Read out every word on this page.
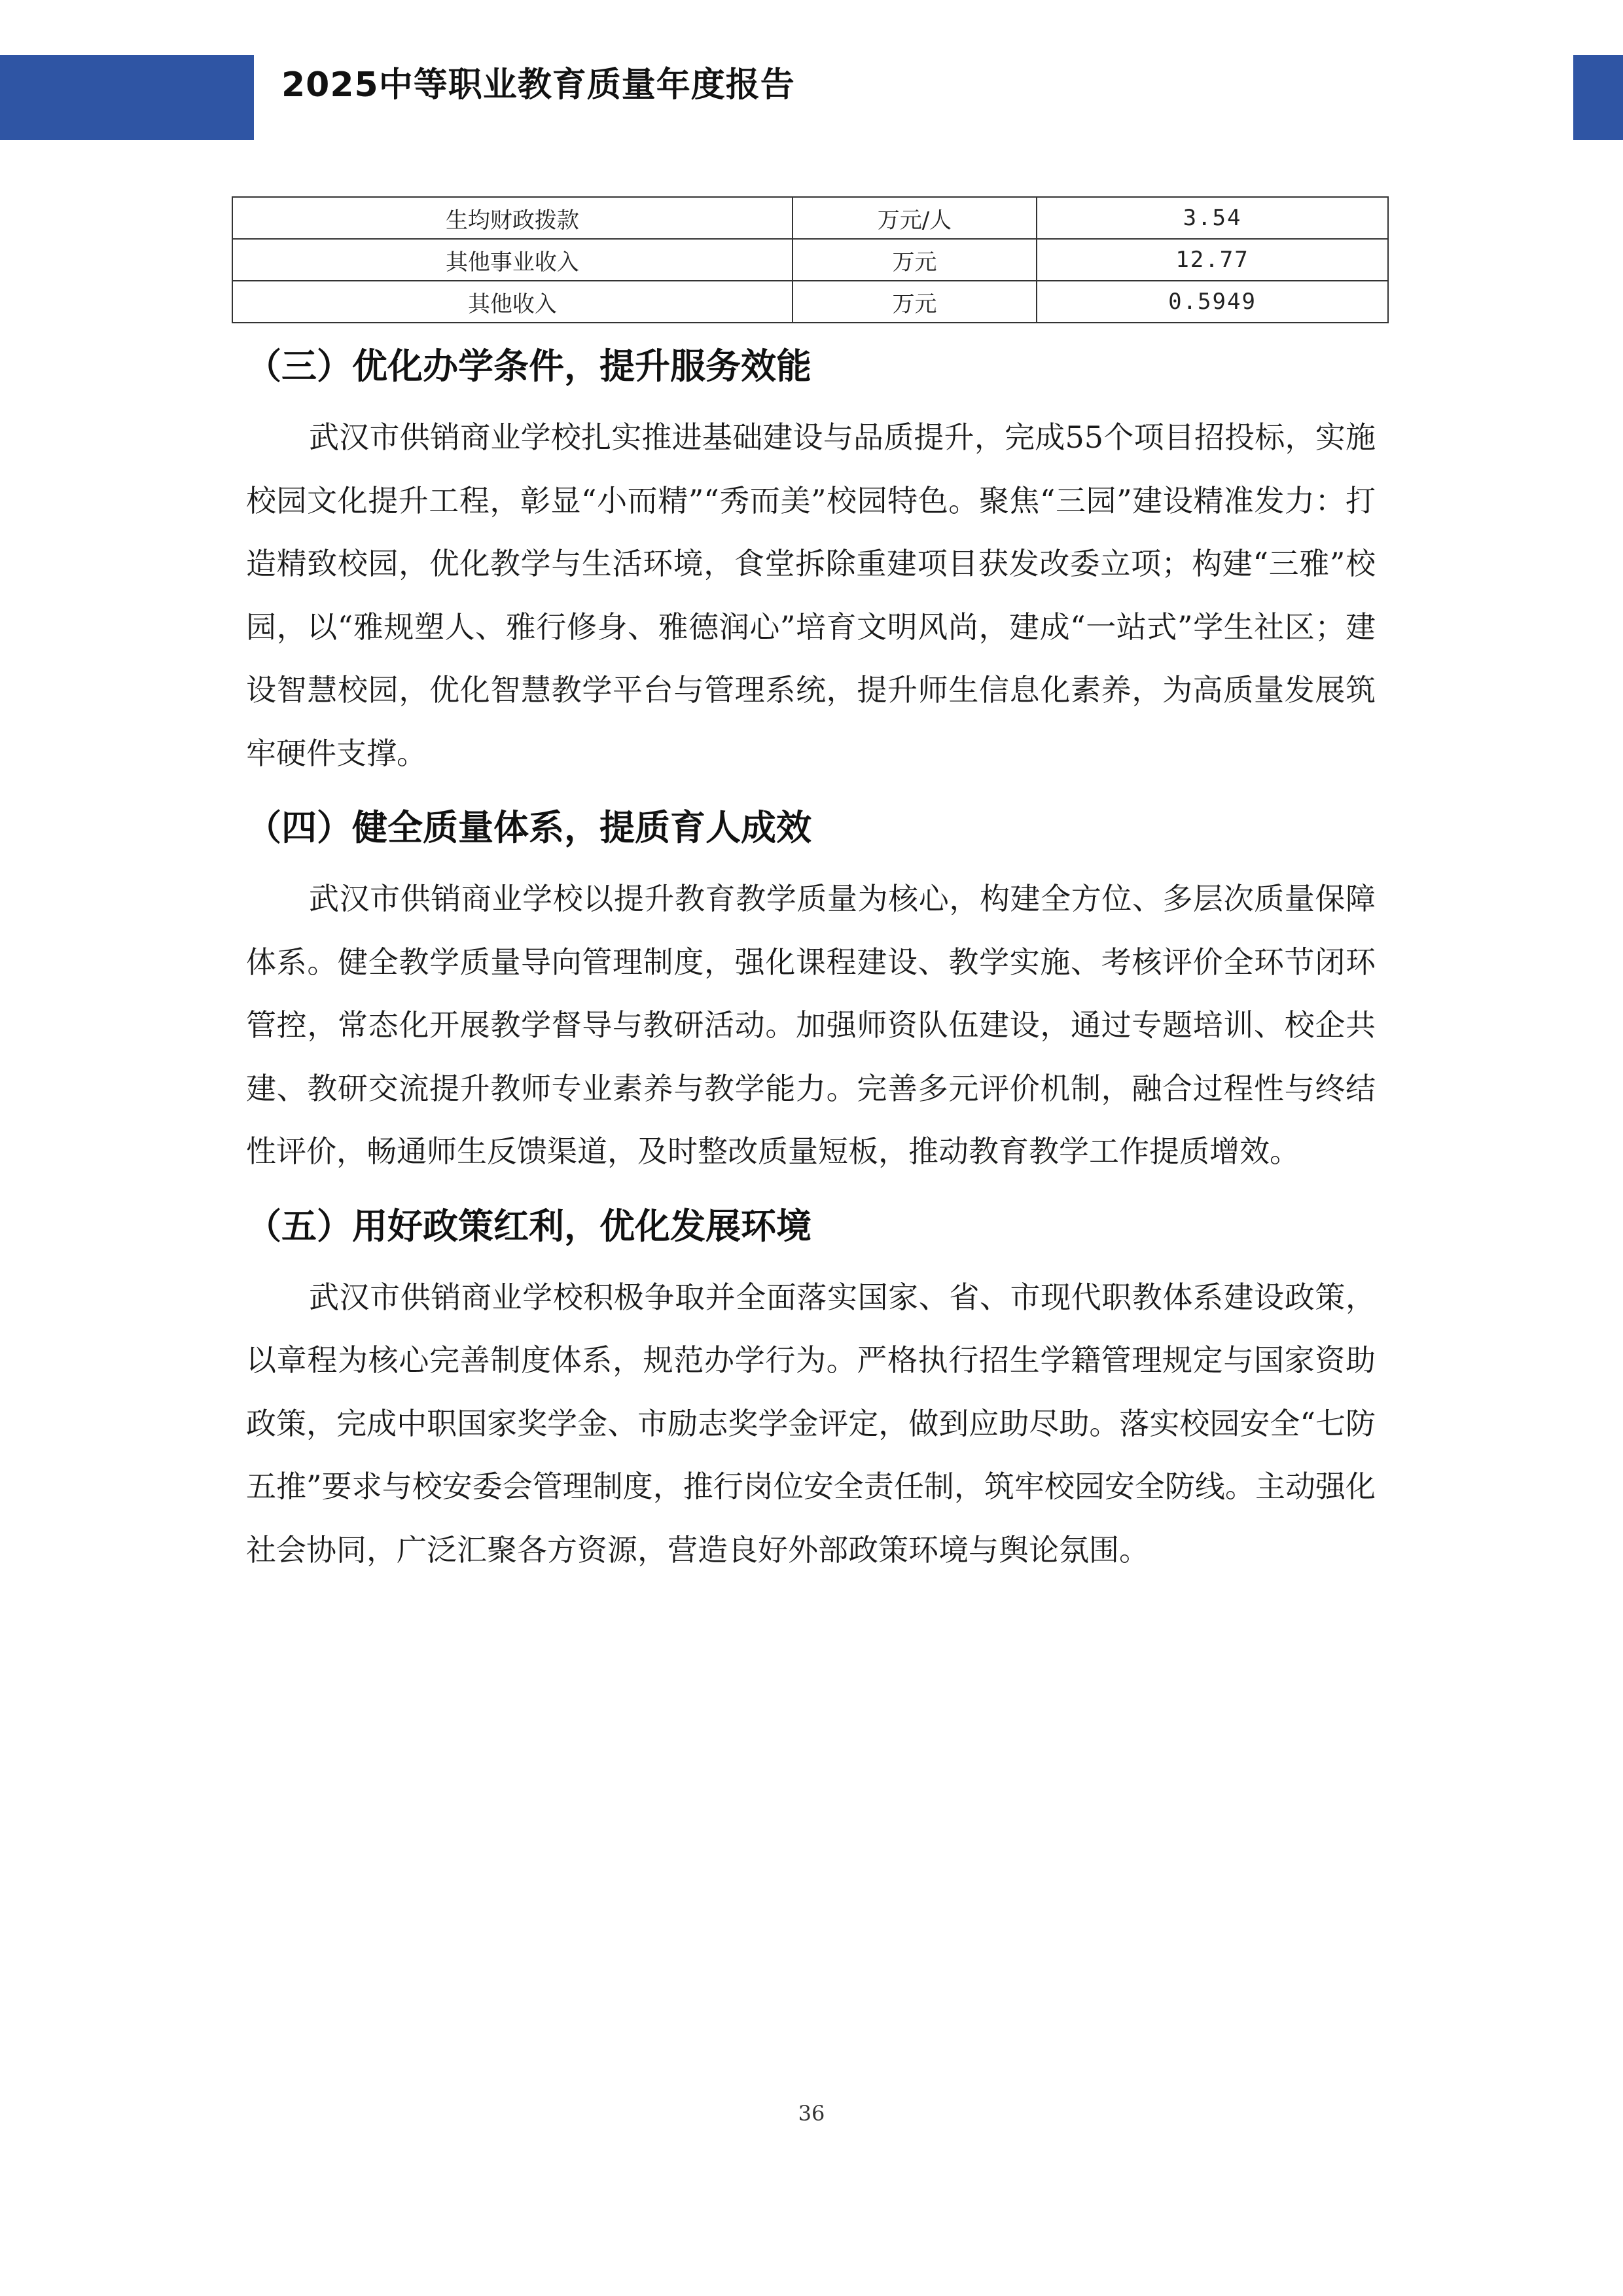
2025中等职业教育质量年度报告
生均财政拨款	万元/人	3.54
其他事业收入	万元	12.77
其他收入	万元	0.5949
（三）优化办学条件，提升服务效能

武汉市供销商业学校扎实推进基础建设与品质提升，完成55个项目招投标，实施校园文化提升工程，彰显“小而精”“秀而美”校园特色。聚焦“三园”建设精准发力：打造精致校园，优化教学与生活环境，食堂拆除重建项目获发改委立项；构建“三雅”校园，以“雅规塑人、雅行修身、雅德润心”培育文明风尚，建成“一站式”学生社区；建设智慧校园，优化智慧教学平台与管理系统，提升师生信息化素养，为高质量发展筑牢硬件支撑。

（四）健全质量体系，提质育人成效

武汉市供销商业学校以提升教育教学质量为核心，构建全方位、多层次质量保障体系。健全教学质量导向管理制度，强化课程建设、教学实施、考核评价全环节闭环管控，常态化开展教学督导与教研活动。加强师资队伍建设，通过专题培训、校企共建、教研交流提升教师专业素养与教学能力。完善多元评价机制，融合过程性与终结性评价，畅通师生反馈渠道，及时整改质量短板，推动教育教学工作提质增效。

（五）用好政策红利，优化发展环境

武汉市供销商业学校积极争取并全面落实国家、省、市现代职教体系建设政策，以章程为核心完善制度体系，规范办学行为。严格执行招生学籍管理规定与国家资助政策，完成中职国家奖学金、市励志奖学金评定，做到应助尽助。落实校园安全“七防五推”要求与校安委会管理制度，推行岗位安全责任制，筑牢校园安全防线。主动强化社会协同，广泛汇聚各方资源，营造良好外部政策环境与舆论氛围。

36
